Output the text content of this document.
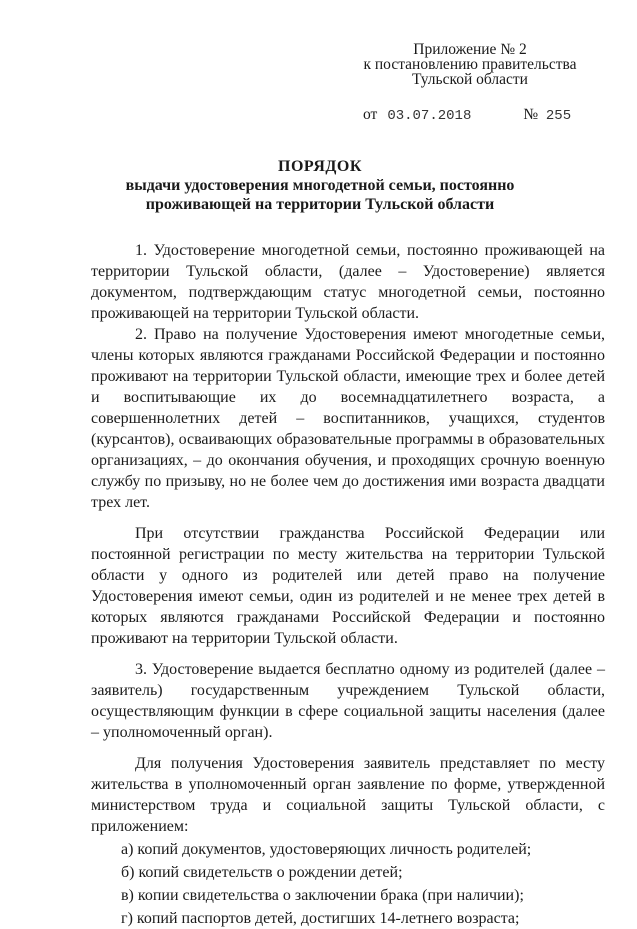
Приложение № 2
к постановлению правительства
Тульской области
от 03.07.2018	№ 255
ПОРЯДОК
выдачи удостоверения многодетной семьи, постоянно
проживающей на территории Тульской области

1. Удостоверение многодетной семьи, постоянно проживающей на территории Тульской области, (далее – Удостоверение) является документом, подтверждающим статус многодетной семьи, постоянно проживающей на территории Тульской области.

2. Право на получение Удостоверения имеют многодетные семьи, члены которых являются гражданами Российской Федерации и постоянно проживают на территории Тульской области, имеющие трех и более детей и воспитывающие их до восемнадцатилетнего возраста, а совершеннолетних детей – воспитанников, учащихся, студентов (курсантов), осваивающих образовательные программы в образовательных организациях, – до окончания обучения, и проходящих срочную военную службу по призыву, но не более чем до достижения ими возраста двадцати трех лет.

При отсутствии гражданства Российской Федерации или постоянной регистрации по месту жительства на территории Тульской области у одного из родителей или детей право на получение Удостоверения имеют семьи, один из родителей и не менее трех детей в которых являются гражданами Российской Федерации и постоянно проживают на территории Тульской области.

3. Удостоверение выдается бесплатно одному из родителей (далее – заявитель) государственным учреждением Тульской области, осуществляющим функции в сфере социальной защиты населения (далее – уполномоченный орган).

Для получения Удостоверения заявитель представляет по месту жительства в уполномоченный орган заявление по форме, утвержденной министерством труда и социальной защиты Тульской области, с приложением:

а) копий документов, удостоверяющих личность родителей;

б) копий свидетельств о рождении детей;

в) копии свидетельства о заключении брака (при наличии);

г) копий паспортов детей, достигших 14-летнего возраста;
